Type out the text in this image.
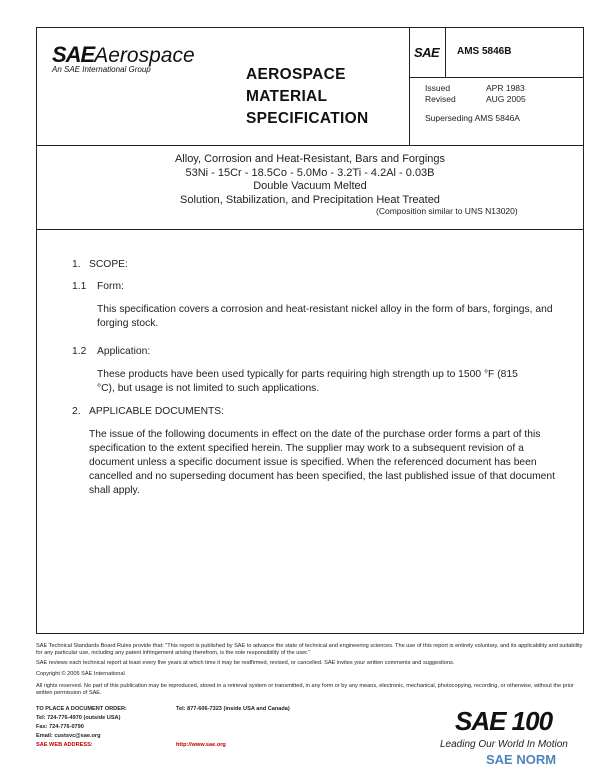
SAEAerospace
An SAE International Group	AEROSPACE
MATERIAL
SPECIFICATION
SAE AMS 5846B
Issued	APR 1983
Revised	AUG 2005
Superseding AMS 5846A
Alloy, Corrosion and Heat-Resistant, Bars and Forgings
53Ni - 15Cr - 18.5Co - 5.0Mo - 3.2Ti - 4.2Al - 0.03B
Double Vacuum Melted
Solution, Stabilization, and Precipitation Heat Treated
(Composition similar to UNS N13020)
1. SCOPE:
1.1 Form:
This specification covers a corrosion and heat-resistant nickel alloy in the form of bars, forgings, and forging stock.
1.2 Application:
These products have been used typically for parts requiring high strength up to 1500 °F (815 °C), but usage is not limited to such applications.
2. APPLICABLE DOCUMENTS:
The issue of the following documents in effect on the date of the purchase order forms a part of this specification to the extent specified herein. The supplier may work to a subsequent revision of a document unless a specific document issue is specified. When the referenced document has been cancelled and no superseding document has been specified, the last published issue of that document shall apply.
SAE Technical Standards Board Rules provide that: "This report is published by SAE to advance the state of technical and engineering sciences. The use of this report is entirely voluntary, and its applicability and suitability for any particular use, including any patent infringement arising therefrom, is the sole responsibility of the user."
SAE reviews each technical report at least every five years at which time it may be reaffirmed, revised, or cancelled. SAE invites your written comments and suggestions.
Copyright © 2005 SAE International
All rights reserved. No part of this publication may be reproduced, stored in a retrieval system or transmitted, in any form or by any means, electronic, mechanical, photocopying, recording, or otherwise, without the prior written permission of SAE.
TO PLACE A DOCUMENT ORDER:
Tel: 724-776-4970 (outside USA)
Tel: 877-606-7323 (inside USA and Canada)
Fax: 724-776-0790
Email: custsvc@sae.org
SAE WEB ADDRESS:	http://www.sae.org
SAE 100
Leading Our World In Motion
SAE NORM
